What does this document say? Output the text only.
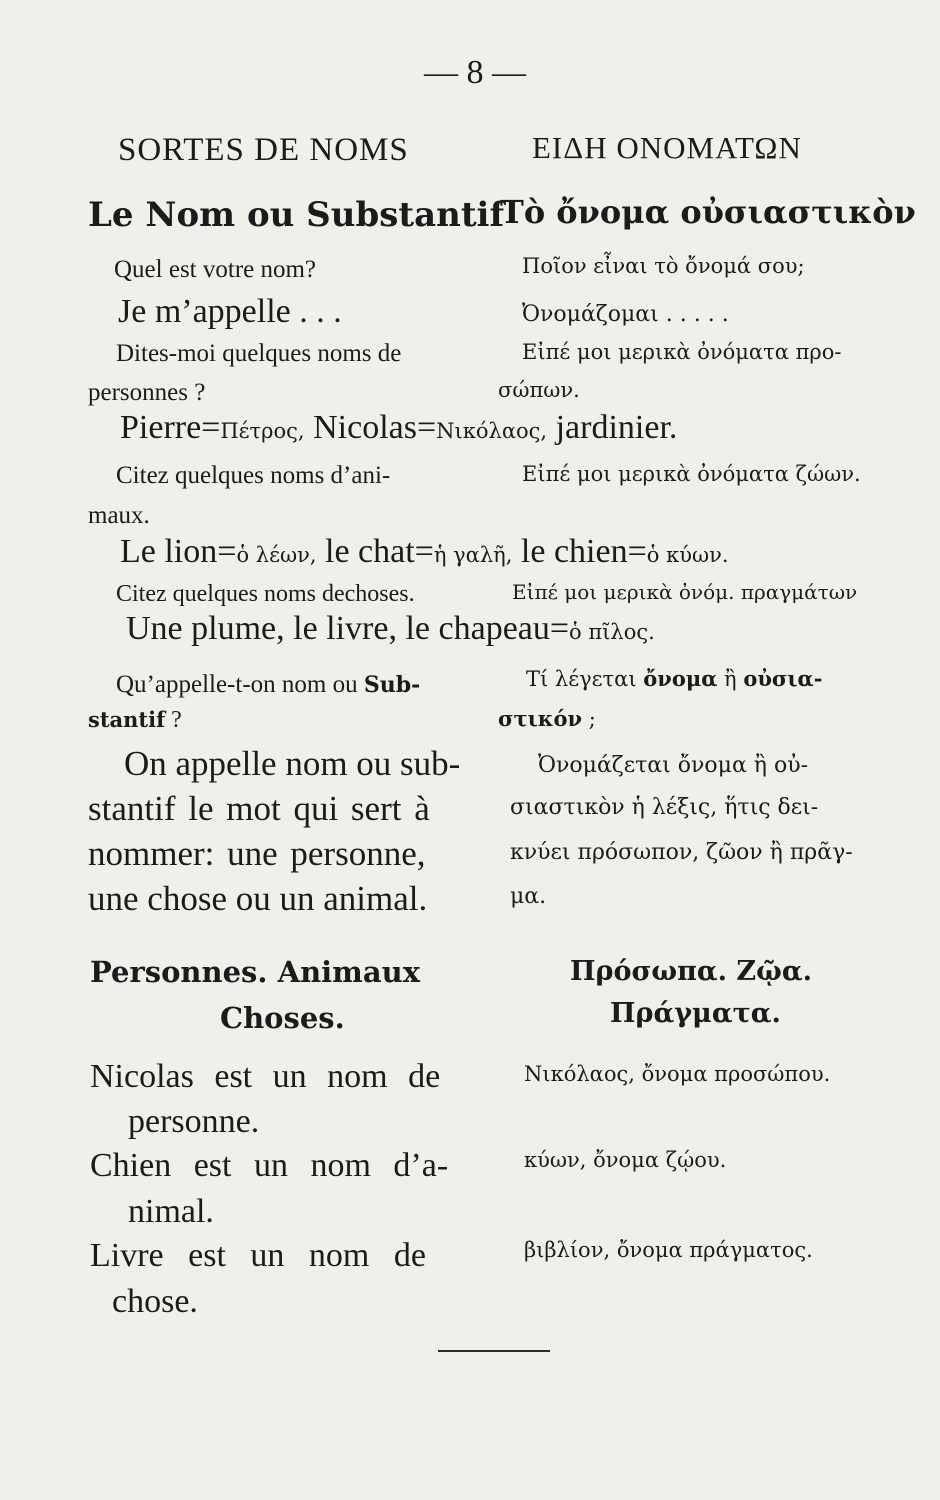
— 8 —
SORTES DE NOMS	ΕΙΔΗ ΟΝΟΜΑΤΩΝ
Le Nom ou Substantif
Τὸ ὄνομα οὐσιαστικὸν
Quel est votre nom?	Ποῖον εἶναι τὸ ὄνομά σου;
Je m’appelle . . .	Ὀνομάζομαι . . . . .
Dites-moi quelques noms de
personnes ?
Εἰπέ μοι μερικὰ ὀνόματα προ-
σώπων.
Pierre=Πέτρος, Nicolas=Νικόλαος, jardinier.
Citez quelques noms d’ani-
maux.
Εἰπέ μοι μερικὰ ὀνόματα ζώων.
Le lion=ὁ λέων, le chat=ἡ γαλῆ, le chien=ὁ κύων.
Citez quelques noms dechoses.	Εἰπέ μοι μερικὰ ὀνόμ. πραγμάτων
Une plume, le livre, le chapeau=ὁ πῖλος.
Qu’appelle-t-on nom ou Sub-
stantif ?
Τί λέγεται ὄνομα ἢ οὐσια-
στικόν ;
On appelle nom ou sub-
stantif le mot qui sert à
nommer: une personne,
une chose ou un animal.
Ὀνομάζεται ὄνομα ἢ οὐ-
σιαστικὸν ἡ λέξις, ἥτις δει-
κνύει πρόσωπον, ζῶον ἢ πρᾶγ-
μα.
Personnes. Animaux
Choses.
Πρόσωπα. Ζῷα.
Πράγματα.
Nicolas est un nom de
personne.
Νικόλαος, ὄνομα προσώπου.
Chien est un nom d’a-
nimal.
κύων, ὄνομα ζῴου.
Livre est un nom de
chose.
βιβλίον, ὄνομα πράγματος.
